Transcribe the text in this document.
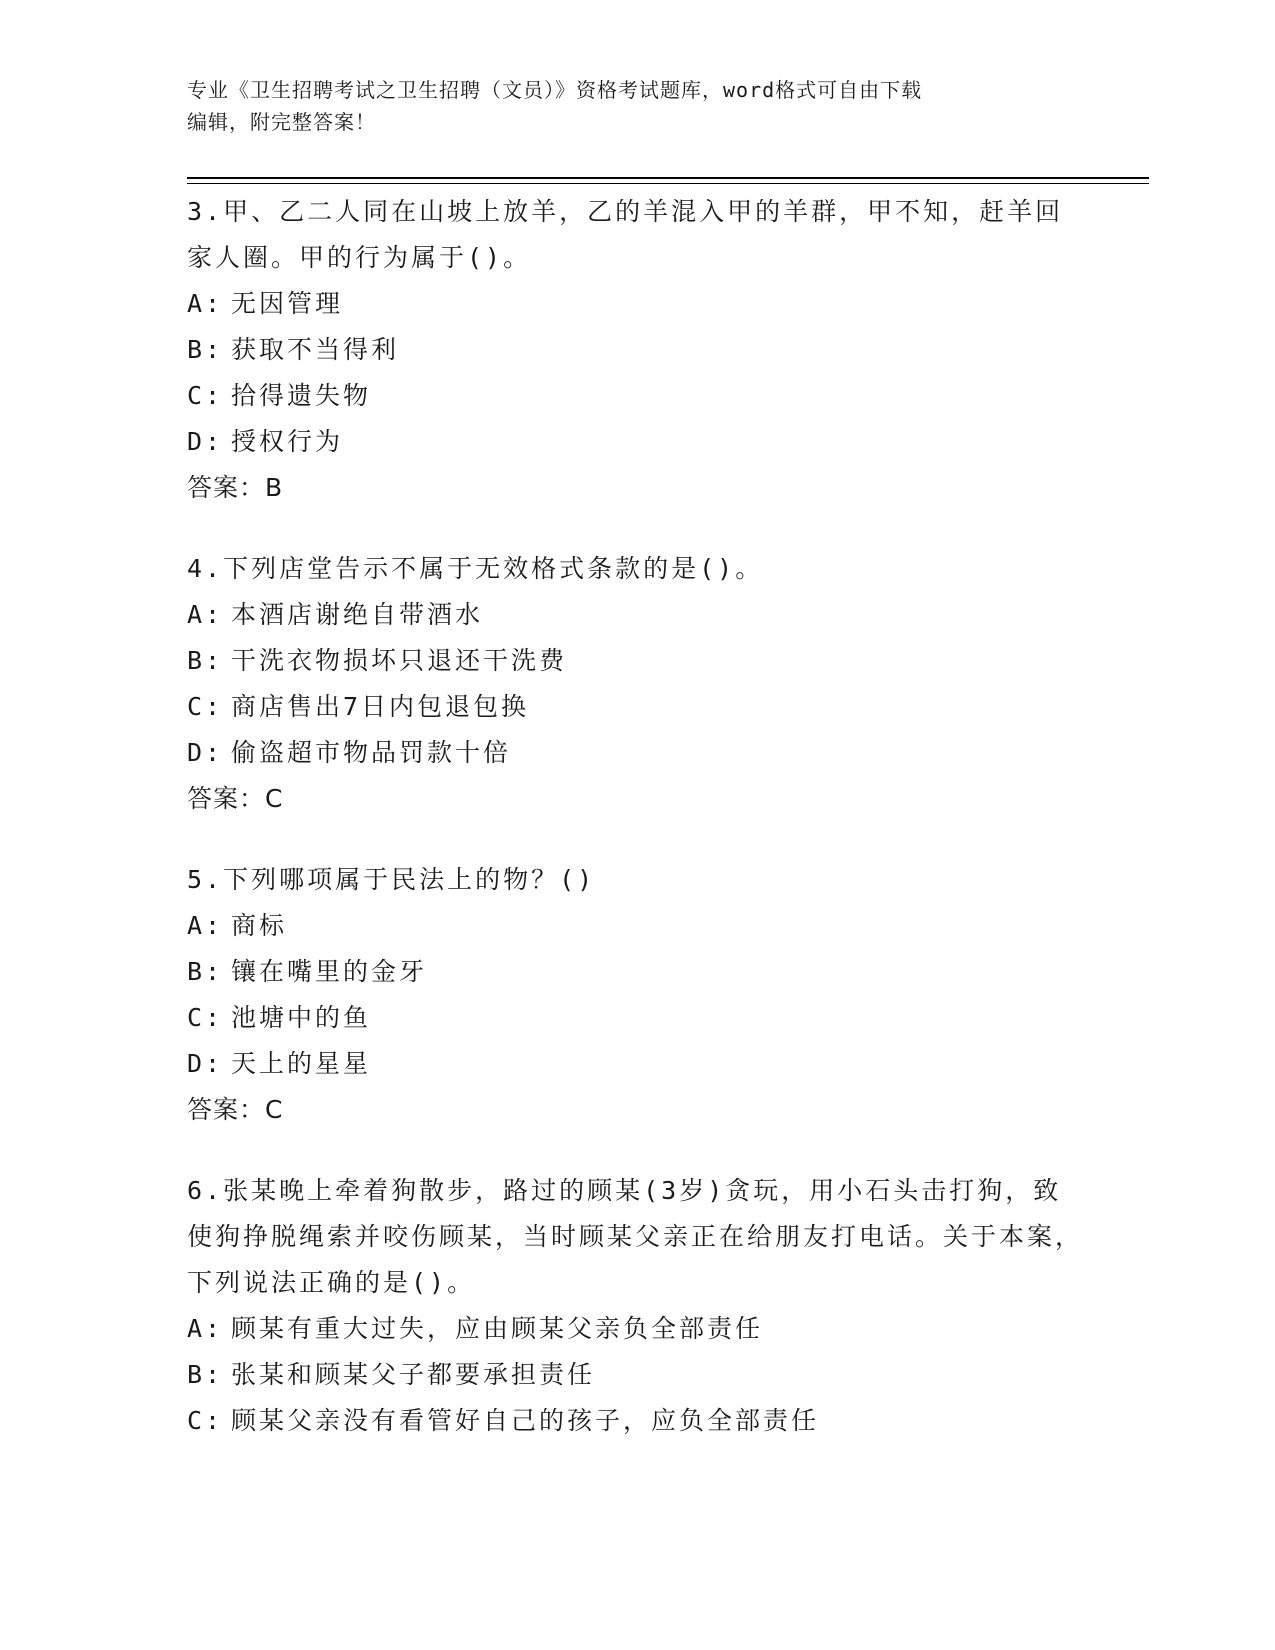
专业《卫生招聘考试之卫生招聘（文员）》资格考试题库，word格式可自由下载
编辑，附完整答案！
3.甲、乙二人同在山坡上放羊，乙的羊混入甲的羊群，甲不知，赶羊回家人圈。甲的行为属于()。
A: 无因管理
B: 获取不当得利
C: 拾得遗失物
D: 授权行为
答案：B
4.下列店堂告示不属于无效格式条款的是()。
A: 本酒店谢绝自带酒水
B: 干洗衣物损坏只退还干洗费
C: 商店售出7日内包退包换
D: 偷盗超市物品罚款十倍
答案：C
5.下列哪项属于民法上的物？()
A: 商标
B: 镶在嘴里的金牙
C: 池塘中的鱼
D: 天上的星星
答案：C
6.张某晚上牵着狗散步，路过的顾某(3岁)贪玩，用小石头击打狗，致使狗挣脱绳索并咬伤顾某，当时顾某父亲正在给朋友打电话。关于本案，下列说法正确的是()。
A: 顾某有重大过失，应由顾某父亲负全部责任
B: 张某和顾某父子都要承担责任
C: 顾某父亲没有看管好自己的孩子，应负全部责任
